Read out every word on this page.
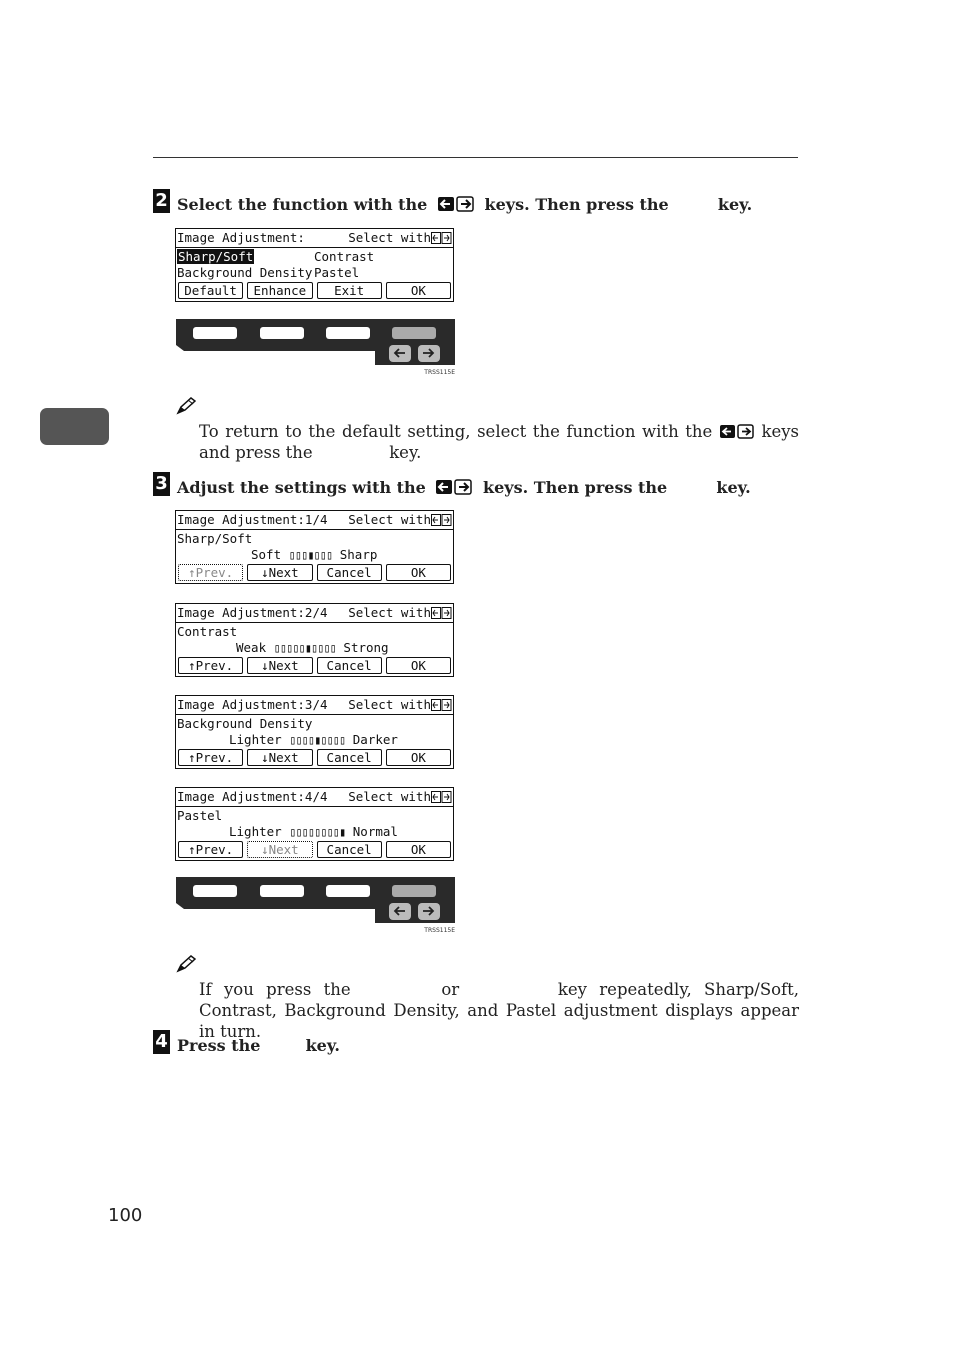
2 Select the function with the	keys. Then press the	key.
Image Adjustment:	Select with
Sharp/Soft	Contrast
Background Density Pastel
Default	Enhance	Exit	OK
TRSS115E
To return to the default setting, select the function with the	keys and press the	key.
3 Adjust the settings with the	keys. Then press the	key.
Image Adjustment:1/4 Select with
Sharp/Soft
Soft ▯▯▯▮▯▯▯ Sharp
↑Prev.	↓Next	Cancel	OK
Image Adjustment:2/4 Select with
Contrast
Weak ▯▯▯▯▯▮▯▯▯▯ Strong
↑Prev.	↓Next	Cancel	OK
Image Adjustment:3/4 Select with
Background Density
Lighter ▯▯▯▯▮▯▯▯▯ Darker
↑Prev.	↓Next	Cancel	OK
Image Adjustment:4/4 Select with
Pastel
Lighter ▯▯▯▯▯▯▯▯▮ Normal
↑Prev.	↓Next	Cancel	OK
TRSS115E
If you press the	or	key repeatedly, Sharp/Soft, Contrast, Background Density, and Pastel adjustment displays appear in turn.
4 Press the	key.
100
